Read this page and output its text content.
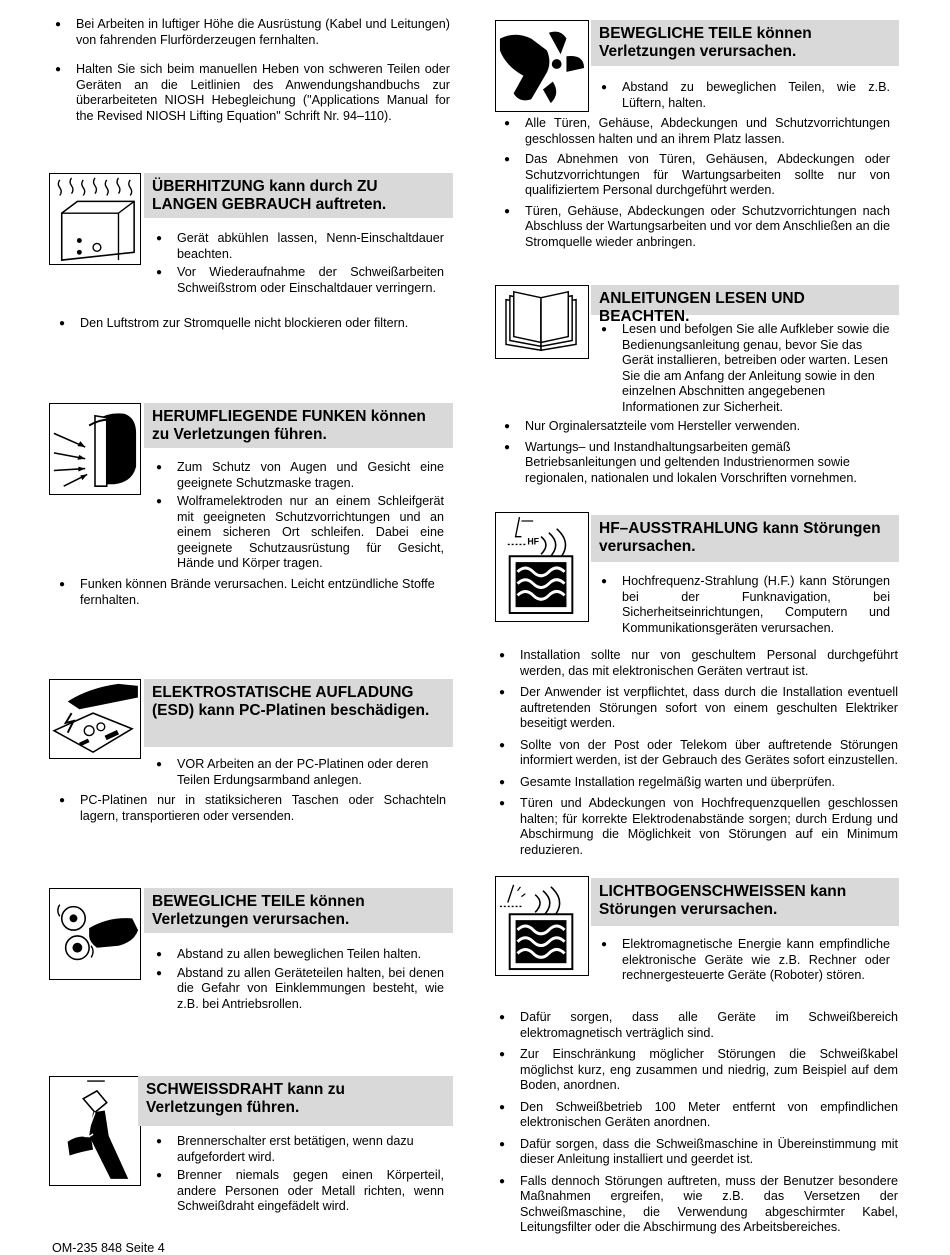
● Bei Arbeiten in luftiger Höhe die Ausrüstung (Kabel und Leitungen) von fahrenden Flurförderzeugen fernhalten.
● Halten Sie sich beim manuellen Heben von schweren Teilen oder Geräten an die Leitlinien des Anwendungshandbuchs zur überarbeiteten NIOSH Hebegleichung ("Applications Manual for the Revised NIOSH Lifting Equation" Schrift Nr. 94–110).
ÜBERHITZUNG kann durch ZU LANGEN GEBRAUCH auftreten.
● Gerät abkühlen lassen, Nenn-Einschaltdauer beachten.
● Vor Wiederaufnahme der Schweißarbeiten Schweißstrom oder Einschaltdauer verringern.
● Den Luftstrom zur Stromquelle nicht blockieren oder filtern.
HERUMFLIEGENDE FUNKEN können zu Verletzungen führen.
● Zum Schutz von Augen und Gesicht eine geeignete Schutzmaske tragen.
● Wolframelektroden nur an einem Schleifgerät mit geeigneten Schutzvorrichtungen und an einem sicheren Ort schleifen. Dabei eine geeignete Schutzausrüstung für Gesicht, Hände und Körper tragen.
● Funken können Brände verursachen. Leicht entzündliche Stoffe fernhalten.
ELEKTROSTATISCHE AUFLADUNG (ESD) kann PC-Platinen beschädigen.
● VOR Arbeiten an der PC-Platinen oder deren Teilen Erdungsarmband anlegen.
● PC-Platinen nur in statiksicheren Taschen oder Schachteln lagern, transportieren oder versenden.
BEWEGLICHE TEILE können Verletzungen verursachen.
● Abstand zu allen beweglichen Teilen halten.
● Abstand zu allen Geräteteilen halten, bei denen die Gefahr von Einklemmungen besteht, wie z.B. bei Antriebsrollen.
SCHWEISSDRAHT kann zu Verletzungen führen.
● Brennerschalter erst betätigen, wenn dazu aufgefordert wird.
● Brenner niemals gegen einen Körperteil, andere Personen oder Metall richten, wenn Schweißdraht eingefädelt wird.
BEWEGLICHE TEILE können Verletzungen verursachen.
● Abstand zu beweglichen Teilen, wie z.B. Lüftern, halten.
● Alle Türen, Gehäuse, Abdeckungen und Schutzvorrichtungen geschlossen halten und an ihrem Platz lassen.
● Das Abnehmen von Türen, Gehäusen, Abdeckungen oder Schutzvorrichtungen für Wartungsarbeiten sollte nur von qualifiziertem Personal durchgeführt werden.
● Türen, Gehäuse, Abdeckungen oder Schutzvorrichtungen nach Abschluss der Wartungsarbeiten und vor dem Anschließen an die Stromquelle wieder anbringen.
ANLEITUNGEN LESEN UND BEACHTEN.
● Lesen und befolgen Sie alle Aufkleber sowie die Bedienungsanleitung genau, bevor Sie das Gerät installieren, betreiben oder warten. Lesen Sie die am Anfang der Anleitung sowie in den einzelnen Abschnitten angegebenen Informationen zur Sicherheit.
● Nur Orginalersatzteile vom Hersteller verwenden.
● Wartungs– und Instandhaltungsarbeiten gemäß Betriebsanleitungen und geltenden Industrienormen sowie regionalen, nationalen und lokalen Vorschriften vornehmen.
HF
HF–AUSSTRAHLUNG kann Störungen verursachen.
● Hochfrequenz-Strahlung (H.F.) kann Störungen bei der Funknavigation, bei Sicherheitseinrichtungen, Computern und Kommunikationsgeräten verursachen.
● Installation sollte nur von geschultem Personal durchgeführt werden, das mit elektronischen Geräten vertraut ist.
● Der Anwender ist verpflichtet, dass durch die Installation eventuell auftretenden Störungen sofort von einem geschulten Elektriker beseitigt werden.
● Sollte von der Post oder Telekom über auftretende Störungen informiert werden, ist der Gebrauch des Gerätes sofort einzustellen.
● Gesamte Installation regelmäßig warten und überprüfen.
● Türen und Abdeckungen von Hochfrequenzquellen geschlossen halten; für korrekte Elektrodenabstände sorgen; durch Erdung und Abschirmung die Möglichkeit von Störungen auf ein Minimum reduzieren.
LICHTBOGENSCHWEISSEN kann Störungen verursachen.
● Elektromagnetische Energie kann empfindliche elektronische Geräte wie z.B. Rechner oder rechnergesteuerte Geräte (Roboter) stören.
● Dafür sorgen, dass alle Geräte im Schweißbereich elektromagnetisch verträglich sind.
● Zur Einschränkung möglicher Störungen die Schweißkabel möglichst kurz, eng zusammen und niedrig, zum Beispiel auf dem Boden, anordnen.
● Den Schweißbetrieb 100 Meter entfernt von empfindlichen elektronischen Geräten anordnen.
● Dafür sorgen, dass die Schweißmaschine in Übereinstimmung mit dieser Anleitung installiert und geerdet ist.
● Falls dennoch Störungen auftreten, muss der Benutzer besondere Maßnahmen ergreifen, wie z.B. das Versetzen der Schweißmaschine, die Verwendung abgeschirmter Kabel, Leitungsfilter oder die Abschirmung des Arbeitsbereiches.
OM-235 848 Seite 4
